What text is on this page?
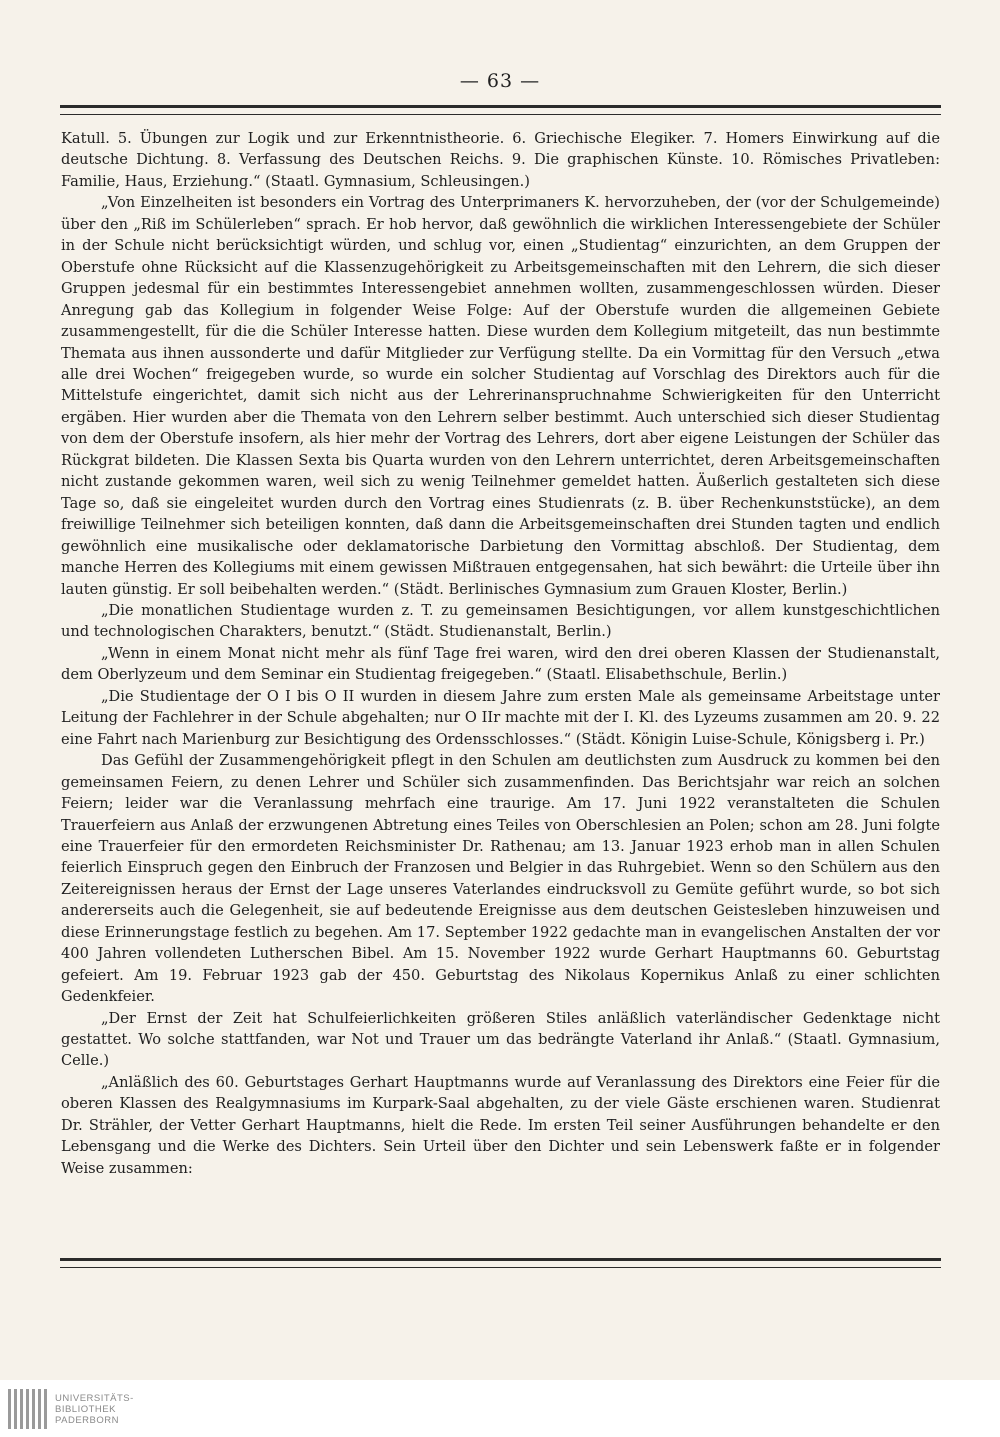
— 63 —

Katull. 5. Übungen zur Logik und zur Erkenntnistheorie. 6. Griechische Elegiker. 7. Homers Einwirkung auf die deutsche Dichtung. 8. Verfassung des Deutschen Reichs. 9. Die graphischen Künste. 10. Römisches Privatleben: Familie, Haus, Erziehung.“ (Staatl. Gymnasium, Schleusingen.)

„Von Einzelheiten ist besonders ein Vortrag des Unterprimaners K. hervorzuheben, der (vor der Schulgemeinde) über den „Riß im Schülerleben“ sprach. Er hob hervor, daß gewöhnlich die wirklichen Interessengebiete der Schüler in der Schule nicht berücksichtigt würden, und schlug vor, einen „Studientag“ einzurichten, an dem Gruppen der Oberstufe ohne Rücksicht auf die Klassenzugehörigkeit zu Arbeitsgemeinschaften mit den Lehrern, die sich dieser Gruppen jedesmal für ein bestimmtes Interessengebiet annehmen wollten, zusammengeschlossen würden. Dieser Anregung gab das Kollegium in folgender Weise Folge: Auf der Oberstufe wurden die allgemeinen Gebiete zusammengestellt, für die die Schüler Interesse hatten. Diese wurden dem Kollegium mitgeteilt, das nun bestimmte Themata aus ihnen aussonderte und dafür Mitglieder zur Verfügung stellte. Da ein Vormittag für den Versuch „etwa alle drei Wochen“ freigegeben wurde, so wurde ein solcher Studientag auf Vorschlag des Direktors auch für die Mittelstufe eingerichtet, damit sich nicht aus der Lehrerinanspruchnahme Schwierigkeiten für den Unterricht ergäben. Hier wurden aber die Themata von den Lehrern selber bestimmt. Auch unterschied sich dieser Studientag von dem der Oberstufe insofern, als hier mehr der Vortrag des Lehrers, dort aber eigene Leistungen der Schüler das Rückgrat bildeten. Die Klassen Sexta bis Quarta wurden von den Lehrern unterrichtet, deren Arbeitsgemeinschaften nicht zustande gekommen waren, weil sich zu wenig Teilnehmer gemeldet hatten. Äußerlich gestalteten sich diese Tage so, daß sie eingeleitet wurden durch den Vortrag eines Studienrats (z. B. über Rechenkunststücke), an dem freiwillige Teilnehmer sich beteiligen konnten, daß dann die Arbeitsgemeinschaften drei Stunden tagten und endlich gewöhnlich eine musikalische oder deklamatorische Darbietung den Vormittag abschloß. Der Studientag, dem manche Herren des Kollegiums mit einem gewissen Mißtrauen entgegensahen, hat sich bewährt: die Urteile über ihn lauten günstig. Er soll beibehalten werden.“ (Städt. Berlinisches Gymnasium zum Grauen Kloster, Berlin.)

„Die monatlichen Studientage wurden z. T. zu gemeinsamen Besichtigungen, vor allem kunstgeschichtlichen und technologischen Charakters, benutzt.“ (Städt. Studienanstalt, Berlin.)

„Wenn in einem Monat nicht mehr als fünf Tage frei waren, wird den drei oberen Klassen der Studienanstalt, dem Oberlyzeum und dem Seminar ein Studientag freigegeben.“ (Staatl. Elisabethschule, Berlin.)

„Die Studientage der O I bis O II wurden in diesem Jahre zum ersten Male als gemeinsame Arbeitstage unter Leitung der Fachlehrer in der Schule abgehalten; nur O IIr machte mit der I. Kl. des Lyzeums zusammen am 20. 9. 22 eine Fahrt nach Marienburg zur Besichtigung des Ordensschlosses.“ (Städt. Königin Luise-Schule, Königsberg i. Pr.)

Das Gefühl der Zusammengehörigkeit pflegt in den Schulen am deutlichsten zum Ausdruck zu kommen bei den gemeinsamen Feiern, zu denen Lehrer und Schüler sich zusammenfinden. Das Berichtsjahr war reich an solchen Feiern; leider war die Veranlassung mehrfach eine traurige. Am 17. Juni 1922 veranstalteten die Schulen Trauerfeiern aus Anlaß der erzwungenen Abtretung eines Teiles von Oberschlesien an Polen; schon am 28. Juni folgte eine Trauerfeier für den ermordeten Reichsminister Dr. Rathenau; am 13. Januar 1923 erhob man in allen Schulen feierlich Einspruch gegen den Einbruch der Franzosen und Belgier in das Ruhrgebiet. Wenn so den Schülern aus den Zeitereignissen heraus der Ernst der Lage unseres Vaterlandes eindrucksvoll zu Gemüte geführt wurde, so bot sich andererseits auch die Gelegenheit, sie auf bedeutende Ereignisse aus dem deutschen Geistesleben hinzuweisen und diese Erinnerungstage festlich zu begehen. Am 17. September 1922 gedachte man in evangelischen Anstalten der vor 400 Jahren vollendeten Lutherschen Bibel. Am 15. November 1922 wurde Gerhart Hauptmanns 60. Geburtstag gefeiert. Am 19. Februar 1923 gab der 450. Geburtstag des Nikolaus Kopernikus Anlaß zu einer schlichten Gedenkfeier.

„Der Ernst der Zeit hat Schulfeierlichkeiten größeren Stiles anläßlich vaterländischer Gedenktage nicht gestattet. Wo solche stattfanden, war Not und Trauer um das bedrängte Vaterland ihr Anlaß.“ (Staatl. Gymnasium, Celle.)

„Anläßlich des 60. Geburtstages Gerhart Hauptmanns wurde auf Veranlassung des Direktors eine Feier für die oberen Klassen des Realgymnasiums im Kurpark-Saal abgehalten, zu der viele Gäste erschienen waren. Studienrat Dr. Strähler, der Vetter Gerhart Hauptmanns, hielt die Rede. Im ersten Teil seiner Ausführungen behandelte er den Lebensgang und die Werke des Dichters. Sein Urteil über den Dichter und sein Lebenswerk faßte er in folgender Weise zusammen:

UNIVERSITÄTS-
BIBLIOTHEK
PADERBORN
